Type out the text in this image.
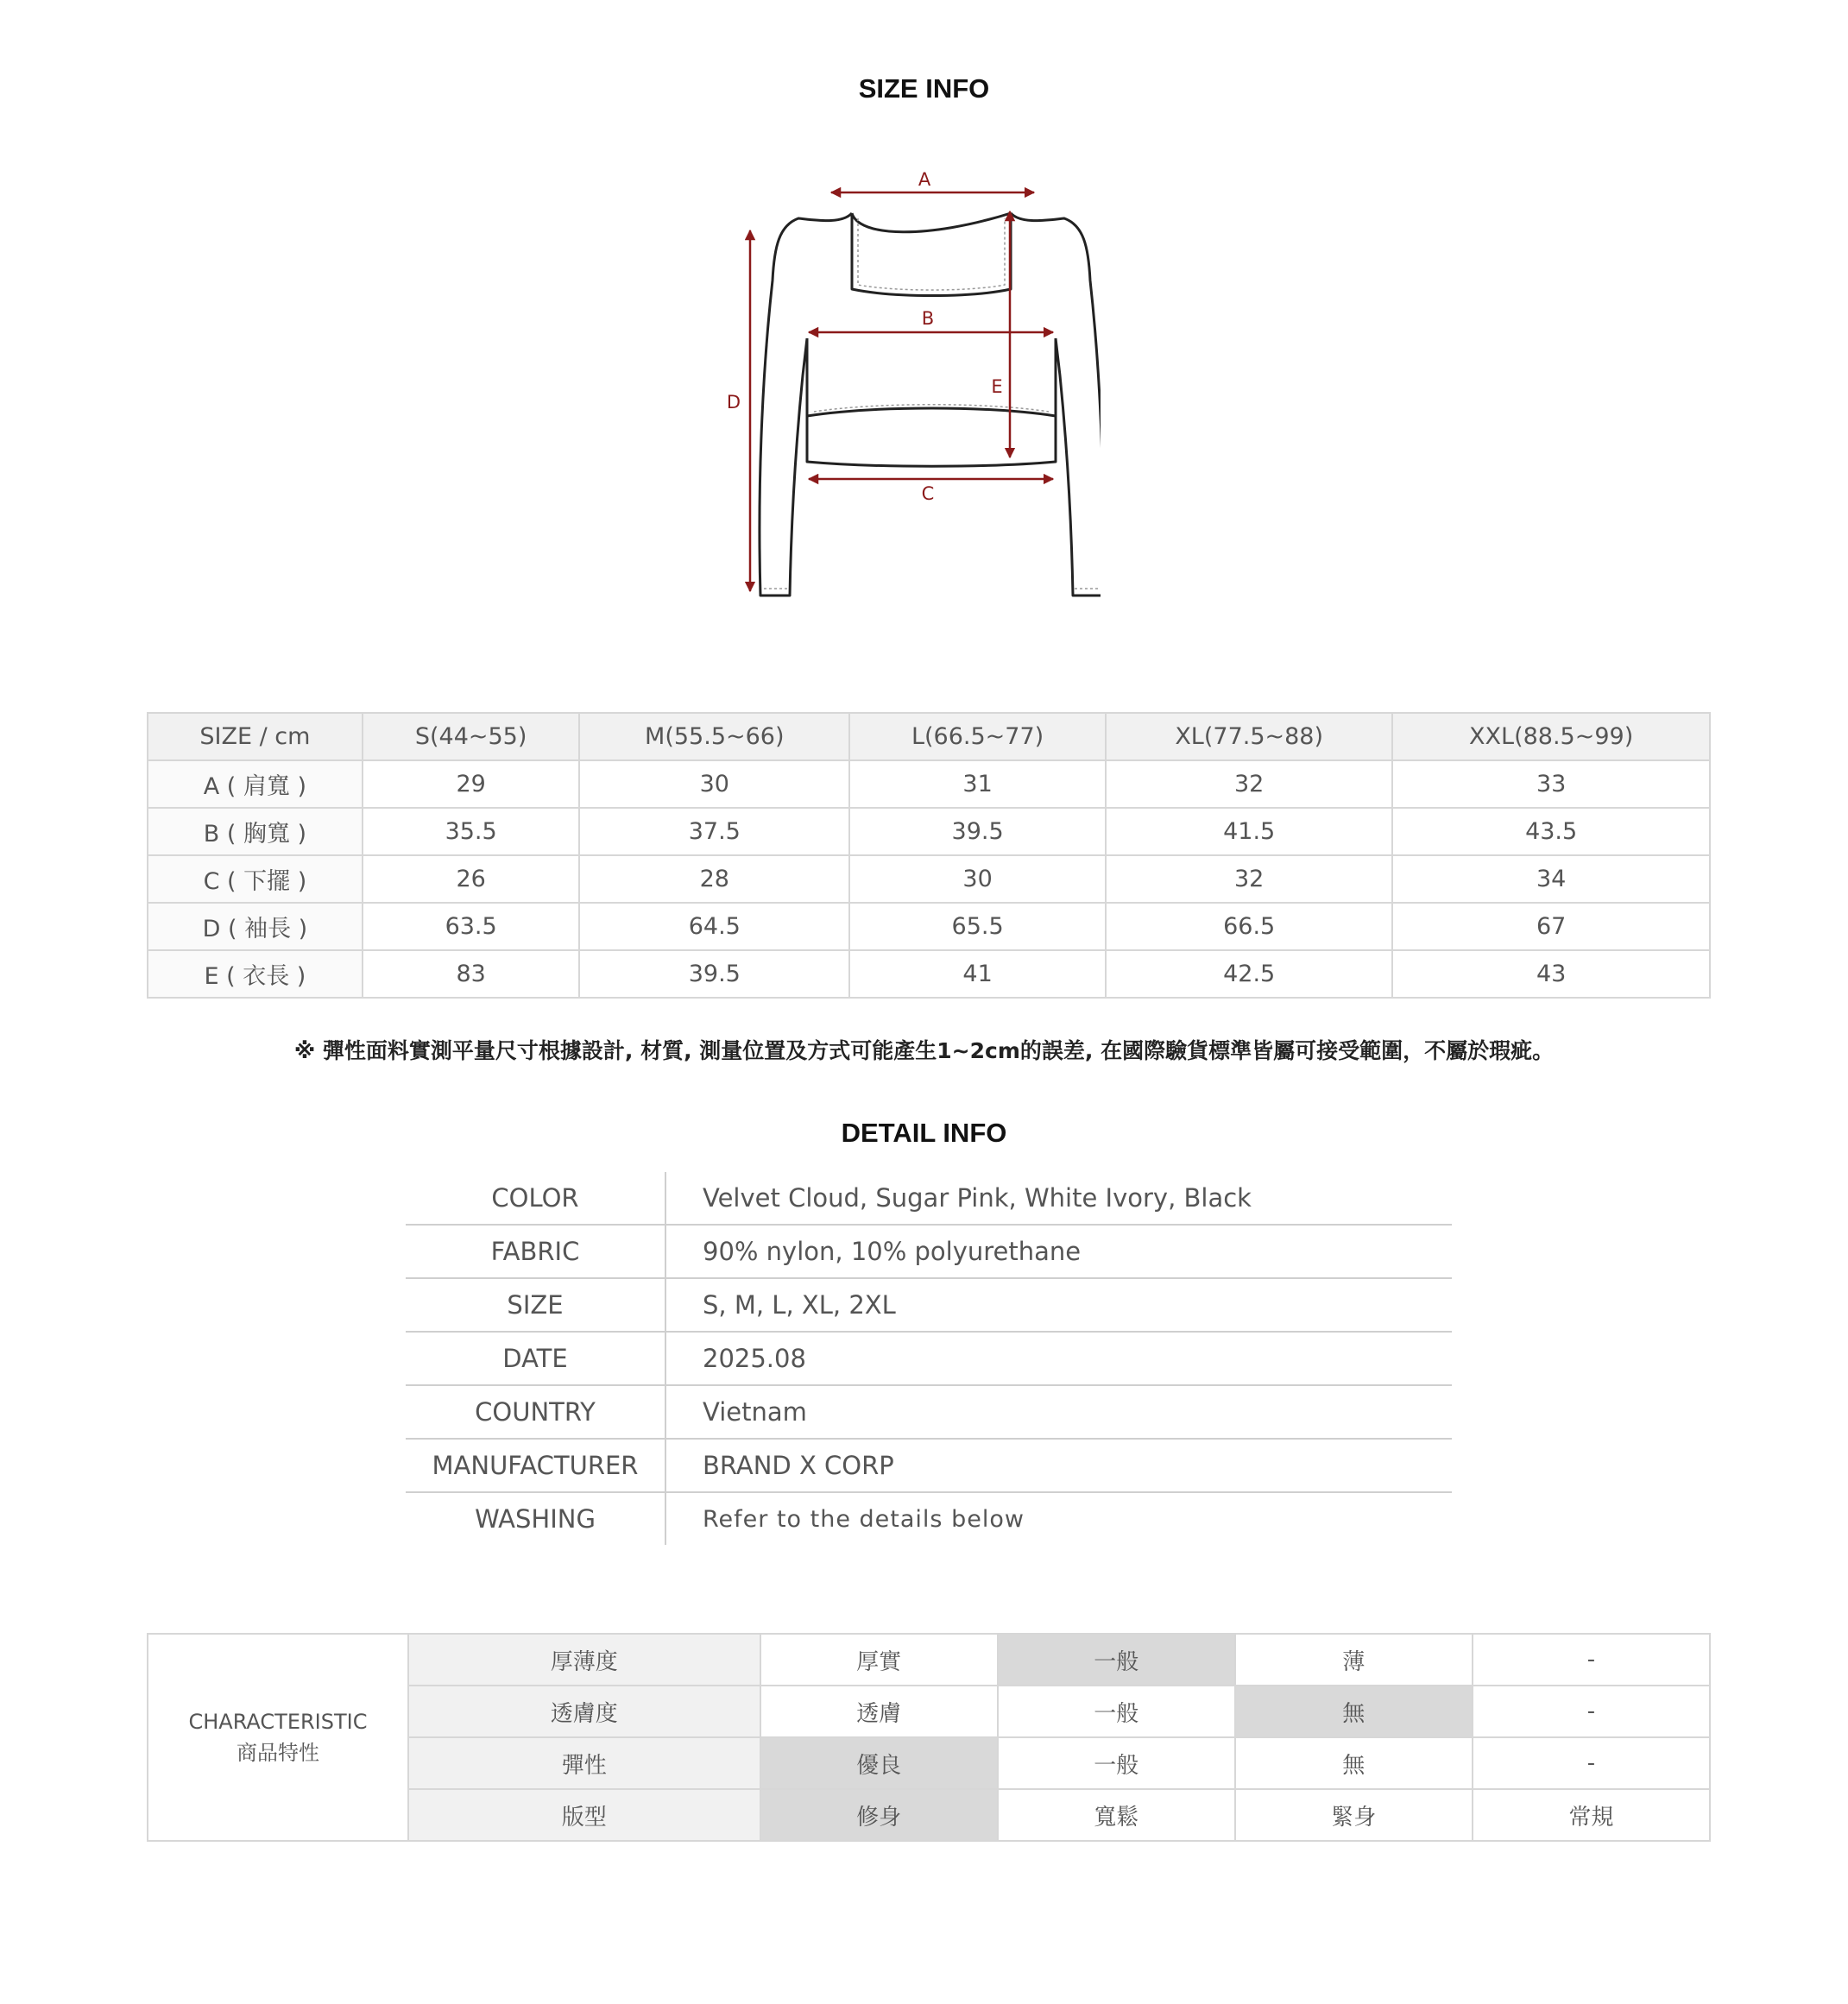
SIZE INFO
A
B
C
D
E
SIZE / cm	S(44~55)	M(55.5~66)	L(66.5~77)	XL(77.5~88)	XXL(88.5~99)
A ( 肩寬 )	29	30	31	32	33
B ( 胸寬 )	35.5	37.5	39.5	41.5	43.5
C ( 下擺 )	26	28	30	32	34
D ( 袖長 )	63.5	64.5	65.5	66.5	67
E ( 衣長 )	83	39.5	41	42.5	43
※ 彈性面料實測平量尺寸根據設計, 材質, 測量位置及方式可能產生1~2cm的誤差, 在國際驗貨標準皆屬可接受範圍，不屬於瑕疵。
DETAIL INFO
COLOR	Velvet Cloud, Sugar Pink, White Ivory, Black
FABRIC	90% nylon, 10% polyurethane
SIZE	S, M, L, XL, 2XL
DATE	2025.08
COUNTRY	Vietnam
MANUFACTURER	BRAND X CORP
WASHING	Refer to the details below
CHARACTERISTIC
商品特性	厚薄度	厚實	一般	薄	-
	透膚度	透膚	一般	無	-
	彈性	優良	一般	無	-
	版型	修身	寬鬆	緊身	常規
